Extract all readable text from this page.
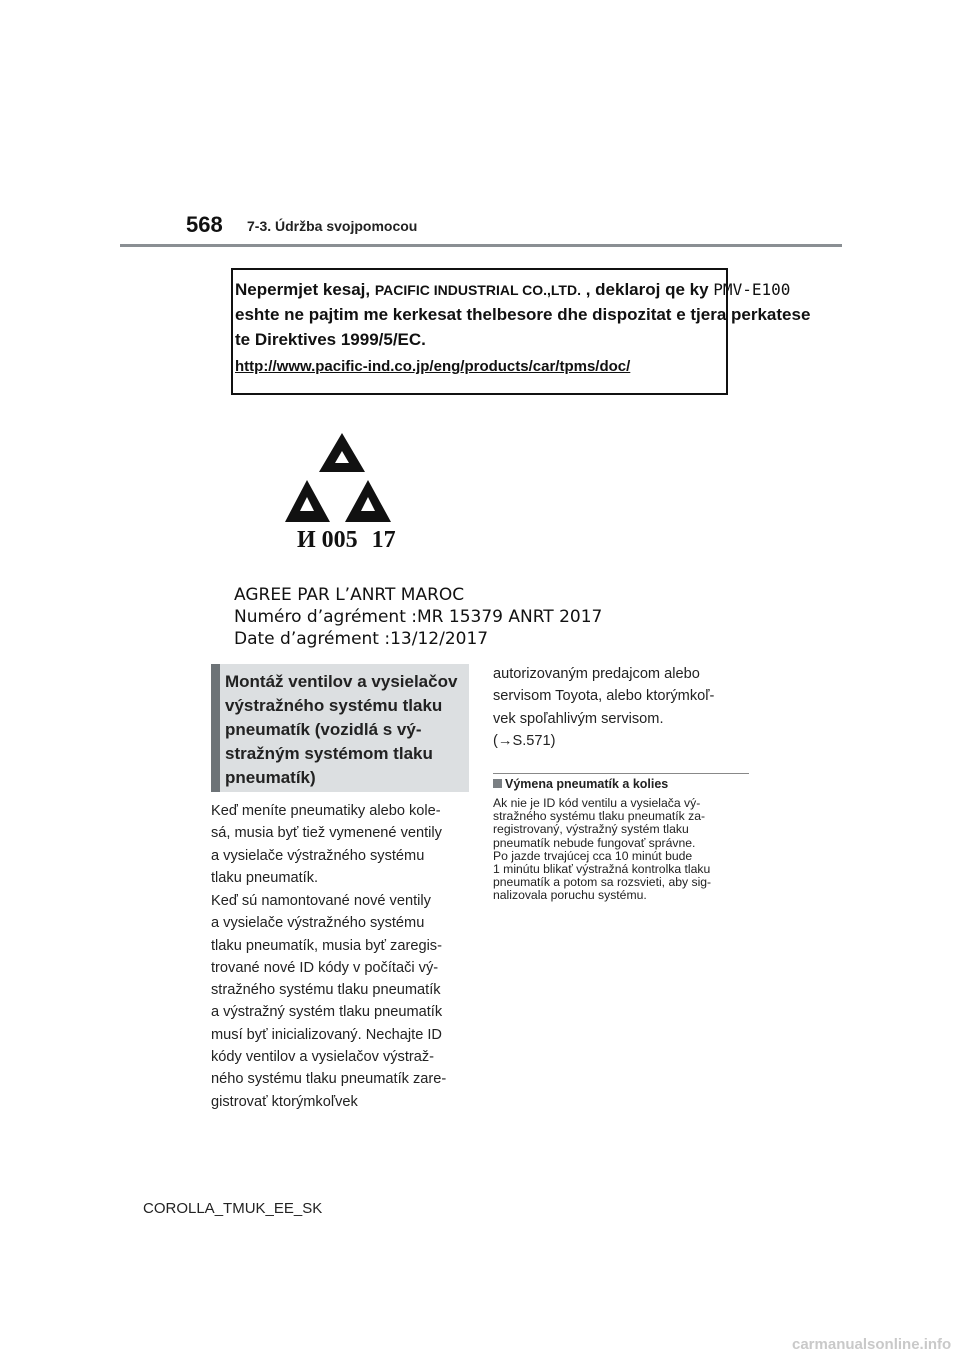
568 7-3. Údržba svojpomocou
Nepermjet kesaj, PACIFIC INDUSTRIAL CO.,LTD. , deklaroj qe ky PMV-E100
eshte ne pajtim me kerkesat thelbesore dhe dispozitat e tjera perkatese
te Direktives 1999/5/EC.
http://www.pacific-ind.co.jp/eng/products/car/tpms/doc/
И 005 17
AGREE PAR L’ANRT MAROC
Numéro d’agrément :MR 15379 ANRT 2017
Date d’agrément :13/12/2017
Montáž ventilov a vysielačov
výstražného systému tlaku
pneumatík (vozidlá s vý-
stražným systémom tlaku
pneumatík)
Keď meníte pneumatiky alebo kole-
sá, musia byť tiež vymenené ventily
a vysielače výstražného systému
tlaku pneumatík.
Keď sú namontované nové ventily
a vysielače výstražného systému
tlaku pneumatík, musia byť zaregis-
trované nové ID kódy v počítači vý-
stražného systému tlaku pneumatík
a výstražný systém tlaku pneumatík
musí byť inicializovaný. Nechajte ID
kódy ventilov a vysielačov výstraž-
ného systému tlaku pneumatík zare-
gistrovať ktorýmkoľvek
autorizovaným predajcom alebo
servisom Toyota, alebo ktorýmkoľ-
vek spoľahlivým servisom.
(→S.571)
Výmena pneumatík a kolies
Ak nie je ID kód ventilu a vysielača vý-
stražného systému tlaku pneumatík za-
registrovaný, výstražný systém tlaku
pneumatík nebude fungovať správne.
Po jazde trvajúcej cca 10 minút bude
1 minútu blikať výstražná kontrolka tlaku
pneumatík a potom sa rozsvieti, aby sig-
nalizovala poruchu systému.
COROLLA_TMUK_EE_SK
carmanualsonline.info
